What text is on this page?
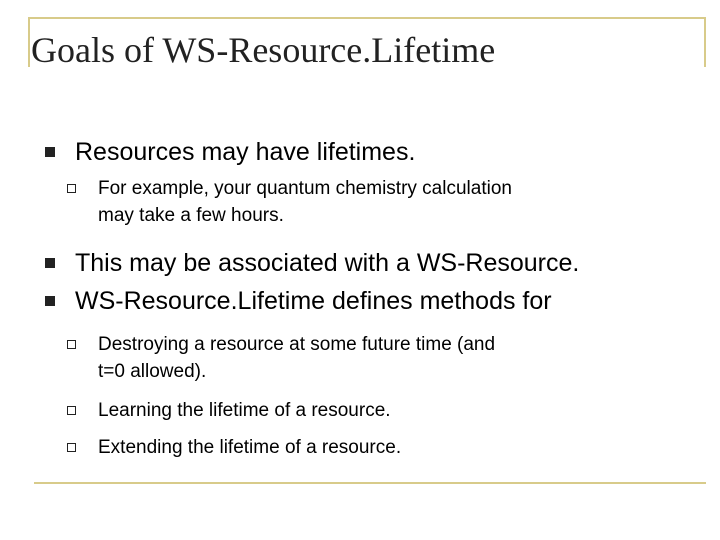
Goals of WS-Resource.Lifetime
Resources may have lifetimes.
For example, your quantum chemistry calculation
may take a few hours.
This may be associated with a WS-Resource.
WS-Resource.Lifetime defines methods for
Destroying a resource at some future time (and
t=0 allowed).
Learning the lifetime of a resource.
Extending the lifetime of a resource.
